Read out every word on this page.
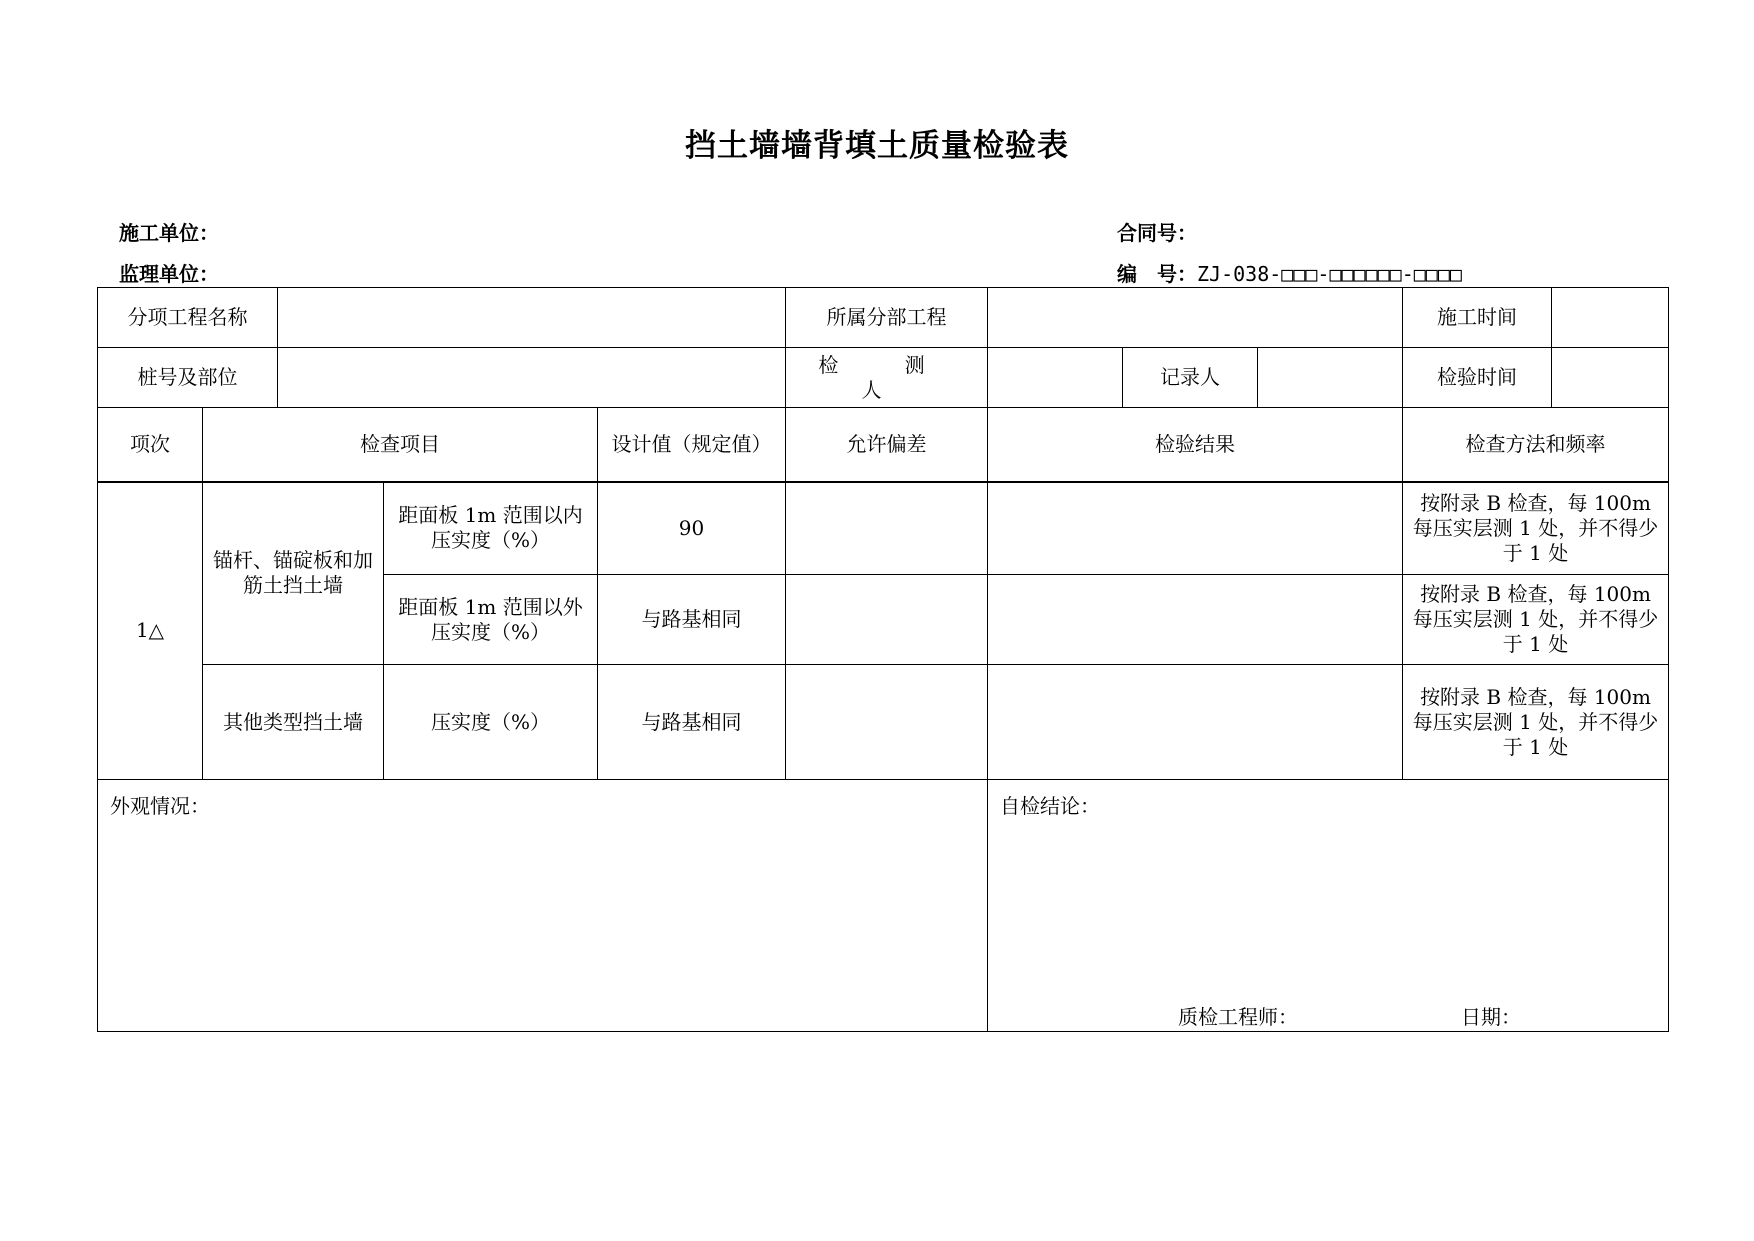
挡土墙墙背填土质量检验表
施工单位：
监理单位：
合同号：
编　号：ZJ-038-□□□-□□□□□□-□□□□
分项工程名称					所属分部工程				施工时间	
桩号及部位					检 测 人		记录人		检验时间	
项次	检查项目			设计值（规定值）	允许偏差	检验结果			检查方法和频率	
1△	锚杆、锚碇板和加筋土挡土墙		距面板 1m 范围以内压实度（%）	90					按附录 B 检查，每 100m 每压实层测 1 处，并不得少于 1 处	
			距面板 1m 范围以外压实度（%）	与路基相同					按附录 B 检查，每 100m 每压实层测 1 处，并不得少于 1 处	
	其他类型挡土墙		压实度（%）	与路基相同					按附录 B 检查，每 100m 每压实层测 1 处，并不得少于 1 处	
外观情况：						自检结论：
质检工程师： 日期：				
